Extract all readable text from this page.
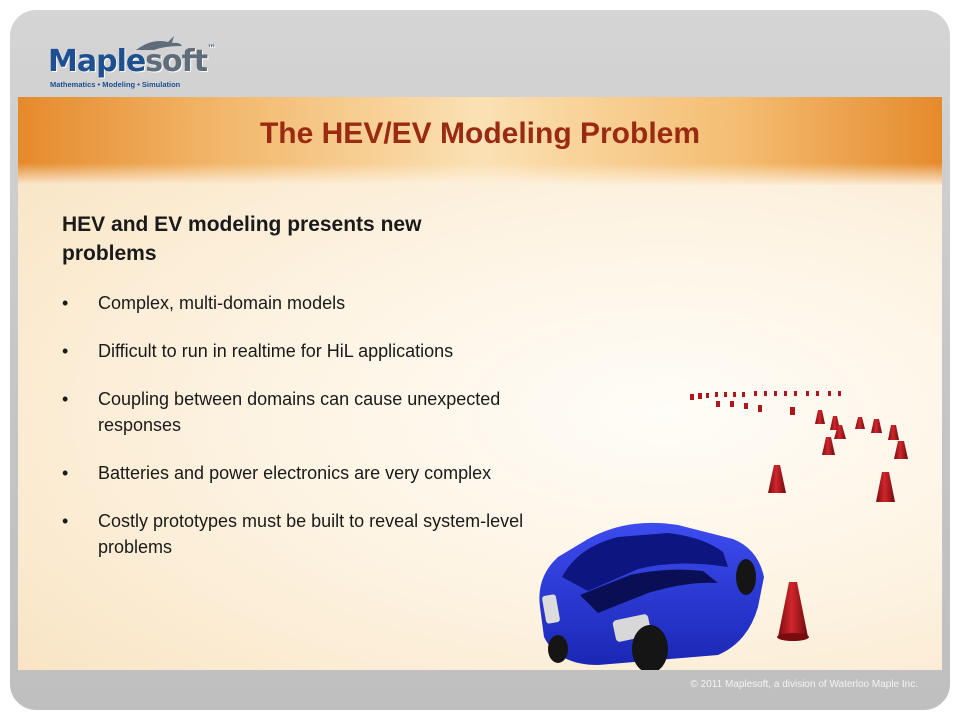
Maplesoft™
Mathematics • Modeling • Simulation
The HEV/EV Modeling Problem
HEV and EV modeling presents new problems
• Complex, multi-domain models
• Difficult to run in realtime for HiL applications
• Coupling between domains can cause unexpected responses
• Batteries and power electronics are very complex
• Costly prototypes must be built to reveal system-level problems
© 2011 Maplesoft, a division of Waterloo Maple Inc.
